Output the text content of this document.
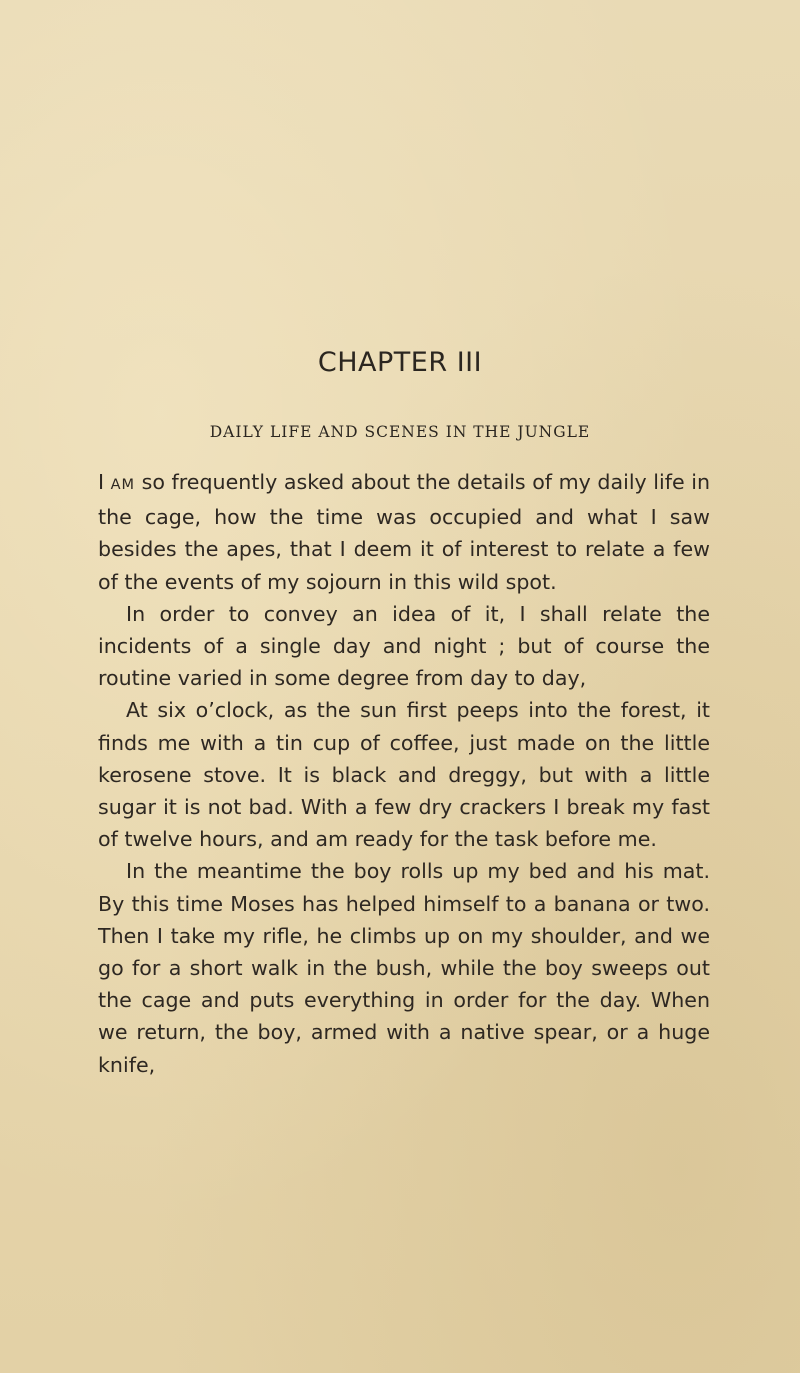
CHAPTER III
DAILY LIFE AND SCENES IN THE JUNGLE

I AM so frequently asked about the details of my daily life in the cage, how the time was occupied and what I saw besides the apes, that I deem it of interest to relate a few of the events of my sojourn in this wild spot.

In order to convey an idea of it, I shall relate the incidents of a single day and night ; but of course the routine varied in some degree from day to day,

At six o’clock, as the sun first peeps into the forest, it finds me with a tin cup of coffee, just made on the little kerosene stove. It is black and dreggy, but with a little sugar it is not bad. With a few dry crackers I break my fast of twelve hours, and am ready for the task before me.

In the meantime the boy rolls up my bed and his mat. By this time Moses has helped himself to a banana or two. Then I take my rifle, he climbs up on my shoulder, and we go for a short walk in the bush, while the boy sweeps out the cage and puts everything in order for the day. When we return, the boy, armed with a native spear, or a huge knife,
